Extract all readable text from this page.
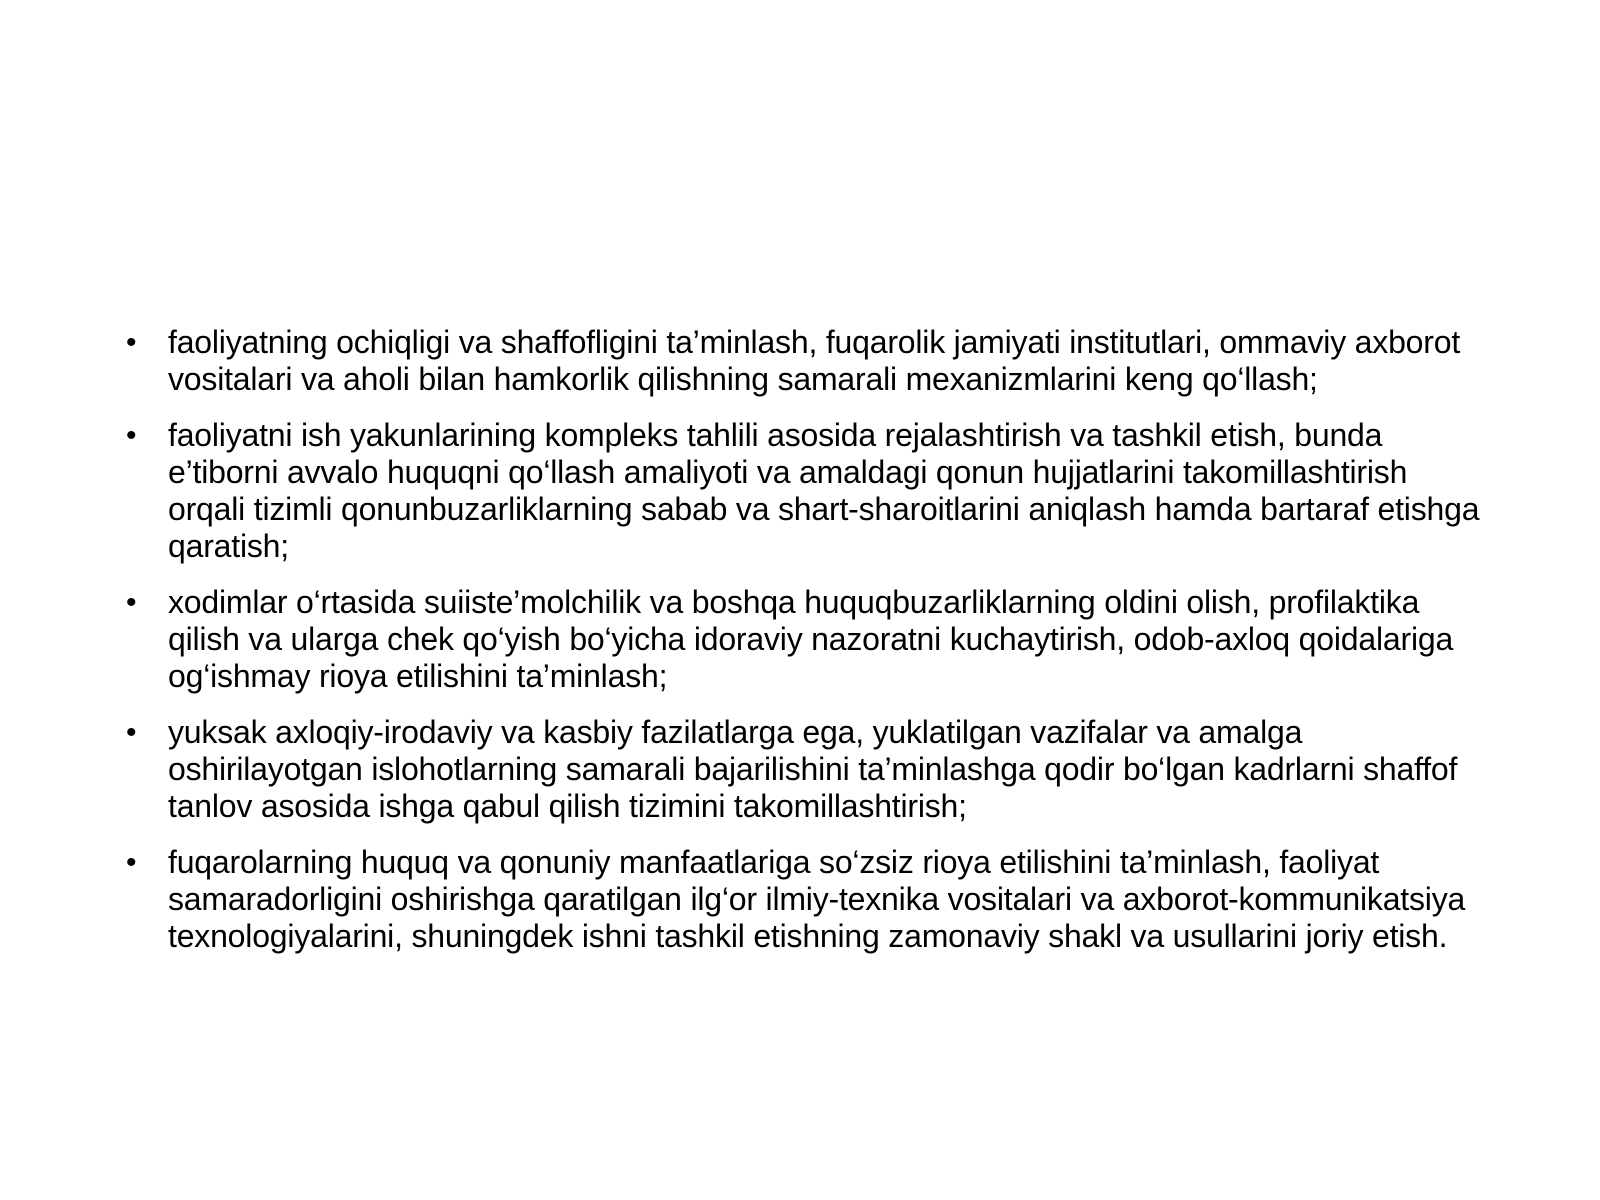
• faoliyatning ochiqligi va shaffofligini ta’minlash, fuqarolik jamiyati institutlari, ommaviy axborot vositalari va aholi bilan hamkorlik qilishning samarali mexanizmlarini keng qo‘llash;
• faoliyatni ish yakunlarining kompleks tahlili asosida rejalashtirish va tashkil etish, bunda e’tiborni avvalo huquqni qo‘llash amaliyoti va amaldagi qonun hujjatlarini takomillashtirish orqali tizimli qonunbuzarliklarning sabab va shart-sharoitlarini aniqlash hamda bartaraf etishga qaratish;
• xodimlar o‘rtasida suiiste’molchilik va boshqa huquqbuzarliklarning oldini olish, profilaktika qilish va ularga chek qo‘yish bo‘yicha idoraviy nazoratni kuchaytirish, odob-axloq qoidalariga og‘ishmay rioya etilishini ta’minlash;
• yuksak axloqiy-irodaviy va kasbiy fazilatlarga ega, yuklatilgan vazifalar va amalga oshirilayotgan islohotlarning samarali bajarilishini ta’minlashga qodir bo‘lgan kadrlarni shaffof tanlov asosida ishga qabul qilish tizimini takomillashtirish;
• fuqarolarning huquq va qonuniy manfaatlariga so‘zsiz rioya etilishini ta’minlash, faoliyat samaradorligini oshirishga qaratilgan ilg‘or ilmiy-texnika vositalari va axborot-kommunikatsiya texnologiyalarini, shuningdek ishni tashkil etishning zamonaviy shakl va usullarini joriy etish.
